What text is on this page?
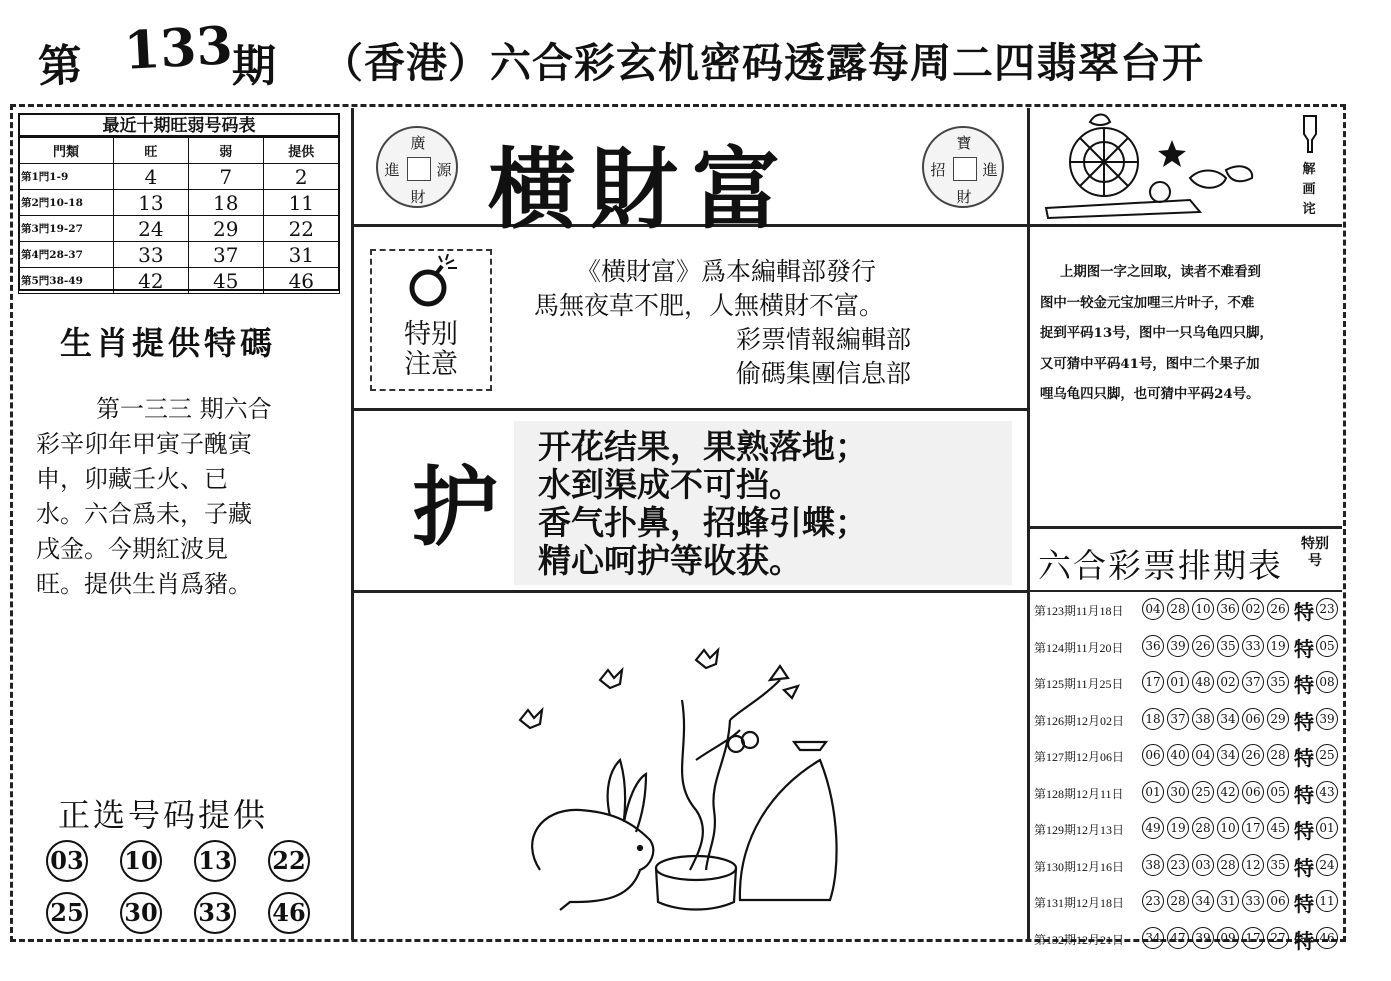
第 133
期 （香港）六合彩玄机密码透露每周二四翡翠台开
最近十期旺弱号码表
門類	旺	弱	提供
第1門1-9	4	7	2
第2門10-18	13	18	11
第3門19-27	24	29	22
第4門28-37	33	37	31
第5門38-49	42	45	46
生肖提供特碼
第一三三 期六合
彩辛卯年甲寅子醜寅
申，卯藏壬火、已
水。六合爲未，子藏
戌金。今期紅波見
旺。提供生肖爲豬。
正选号码提供
03 10 13 22
25 30 33 46
廣
源
財
進 横財富	寶
進
財
招
特别
注意
《横財富》爲本編輯部發行
馬無夜草不肥，人無横財不富。
彩票情報編輯部
偷碼集團信息部
护
开花结果，果熟落地；
水到渠成不可挡。
香气扑鼻，招蜂引蝶；
精心呵护等收获。
解
画
诧
上期图一字之回取，读者不难看到
图中一较金元宝加哩三片叶子，不难
捉到平码13号，图中一只乌龟四只脚，
又可猜中平码41号，图中二个果子加
哩乌龟四只脚，也可猜中平码24号。
六合彩票排期表
特别号
第123期11月18日 04 28 10 36 02 26 特 23
第124期11月20日 36 39 26 35 33 19 特 05
第125期11月25日 17 01 48 02 37 35 特 08
第126期12月02日 18 37 38 34 06 29 特 39
第127期12月06日 06 40 04 34 26 28 特 25
第128期12月11日 01 30 25 42 06 05 特 43
第129期12月13日 49 19 28 10 17 45 特 01
第130期12月16日 38 23 03 28 12 35 特 24
第131期12月18日 23 28 34 31 33 06 特 11
第132期12月21日 34 47 39 09 17 27 特 46
